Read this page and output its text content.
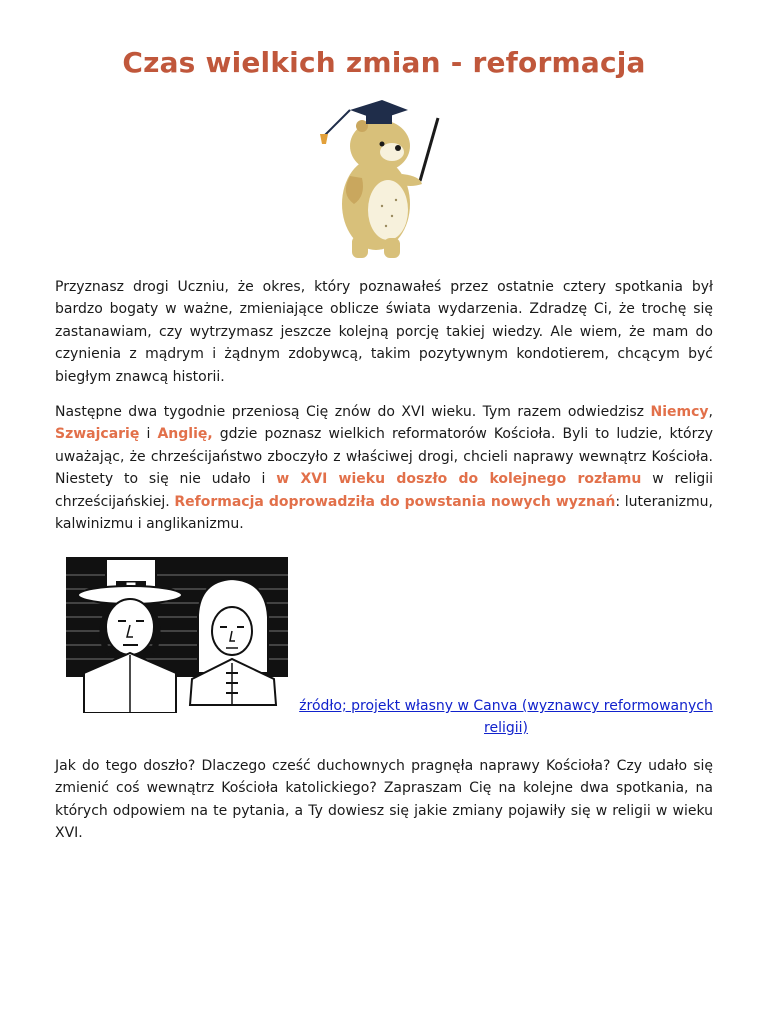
Czas wielkich zmian - reformacja

Przyznasz drogi Uczniu, że okres, który poznawałeś przez ostatnie cztery spotkania był bardzo bogaty w ważne, zmieniające oblicze świata wydarzenia. Zdradzę Ci, że trochę się zastanawiam, czy wytrzymasz jeszcze kolejną porcję takiej wiedzy. Ale wiem, że mam do czynienia z mądrym i żądnym zdobywcą, takim pozytywnym kondotierem, chcącym być biegłym znawcą historii.

Następne dwa tygodnie przeniosą Cię znów do XVI wieku. Tym razem odwiedzisz Niemcy, Szwajcarię i Anglię, gdzie poznasz wielkich reformatorów Kościoła. Byli to ludzie, którzy uważając, że chrześcijaństwo zboczyło z właściwej drogi, chcieli naprawy wewnątrz Kościoła. Niestety to się nie udało i w XVI wieku doszło do kolejnego rozłamu w religii chrześcijańskiej. Reformacja doprowadziła do powstania nowych wyznań: luteranizmu, kalwinizmu i anglikanizmu.

źródło; projekt własny w Canva (wyznawcy reformowanych religii)

Jak do tego doszło? Dlaczego cześć duchownych pragnęła naprawy Kościoła? Czy udało się zmienić coś wewnątrz Kościoła katolickiego? Zapraszam Cię na kolejne dwa spotkania, na których odpowiem na te pytania, a Ty dowiesz się jakie zmiany pojawiły się w religii w wieku XVI.
